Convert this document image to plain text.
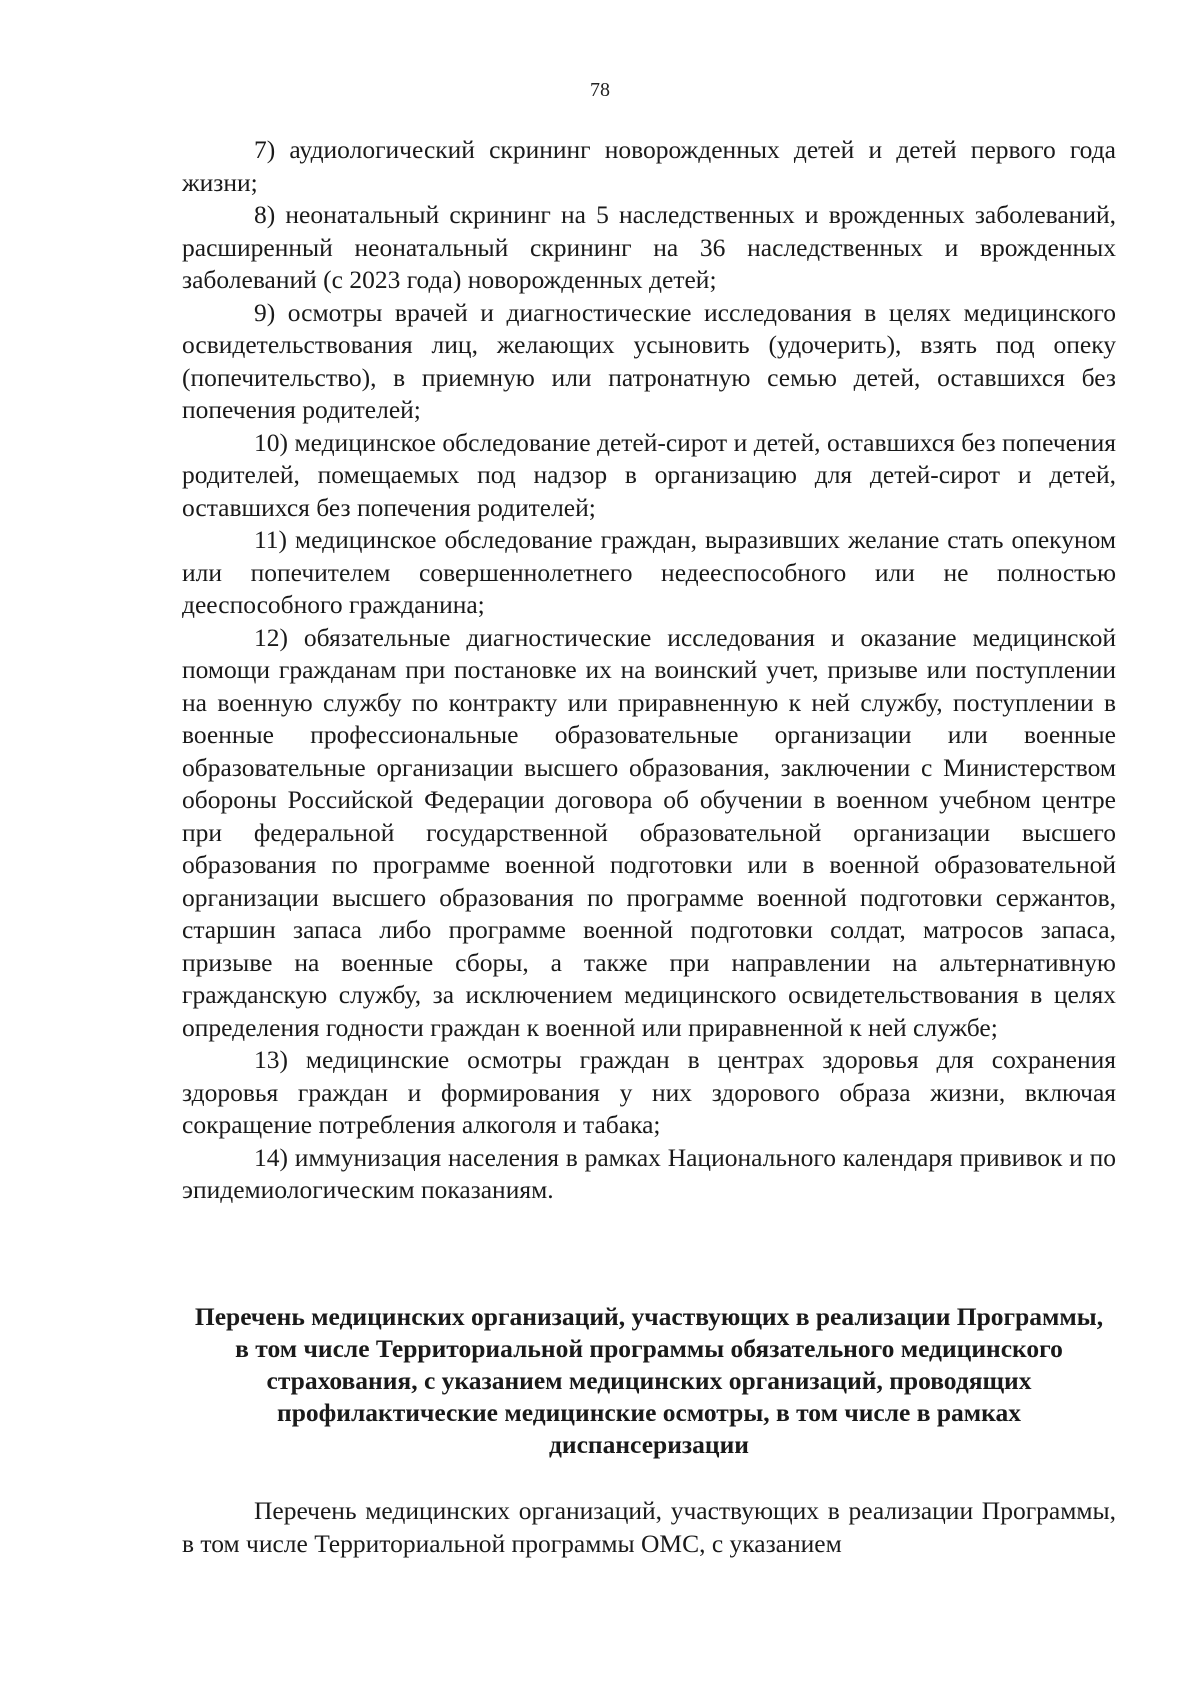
78

7) аудиологический скрининг новорожденных детей и детей первого года жизни;

8) неонатальный скрининг на 5 наследственных и врожденных заболеваний, расширенный неонатальный скрининг на 36 наследственных и врожденных заболеваний (с 2023 года) новорожденных детей;

9) осмотры врачей и диагностические исследования в целях медицинского освидетельствования лиц, желающих усыновить (удочерить), взять под опеку (попечительство), в приемную или патронатную семью детей, оставшихся без попечения родителей;

10) медицинское обследование детей-сирот и детей, оставшихся без попечения родителей, помещаемых под надзор в организацию для детей-сирот и детей, оставшихся без попечения родителей;

11) медицинское обследование граждан, выразивших желание стать опекуном или попечителем совершеннолетнего недееспособного или не полностью дееспособного гражданина;

12) обязательные диагностические исследования и оказание медицинской помощи гражданам при постановке их на воинский учет, призыве или поступлении на военную службу по контракту или приравненную к ней службу, поступлении в военные профессиональные образовательные организации или военные образовательные организации высшего образования, заключении с Министерством обороны Российской Федерации договора об обучении в военном учебном центре при федеральной государственной образовательной организации высшего образования по программе военной подготовки или в военной образовательной организации высшего образования по программе военной подготовки сержантов, старшин запаса либо программе военной подготовки солдат, матросов запаса, призыве на военные сборы, а также при направлении на альтернативную гражданскую службу, за исключением медицинского освидетельствования в целях определения годности граждан к военной или приравненной к ней службе;

13) медицинские осмотры граждан в центрах здоровья для сохранения здоровья граждан и формирования у них здорового образа жизни, включая сокращение потребления алкоголя и табака;

14) иммунизация населения в рамках Национального календаря прививок и по эпидемиологическим показаниям.

Перечень медицинских организаций, участвующих в реализации Программы, в том числе Территориальной программы обязательного медицинского страхования, с указанием медицинских организаций, проводящих профилактические медицинские осмотры, в том числе в рамках диспансеризации

Перечень медицинских организаций, участвующих в реализации Программы, в том числе Территориальной программы ОМС, с указанием
